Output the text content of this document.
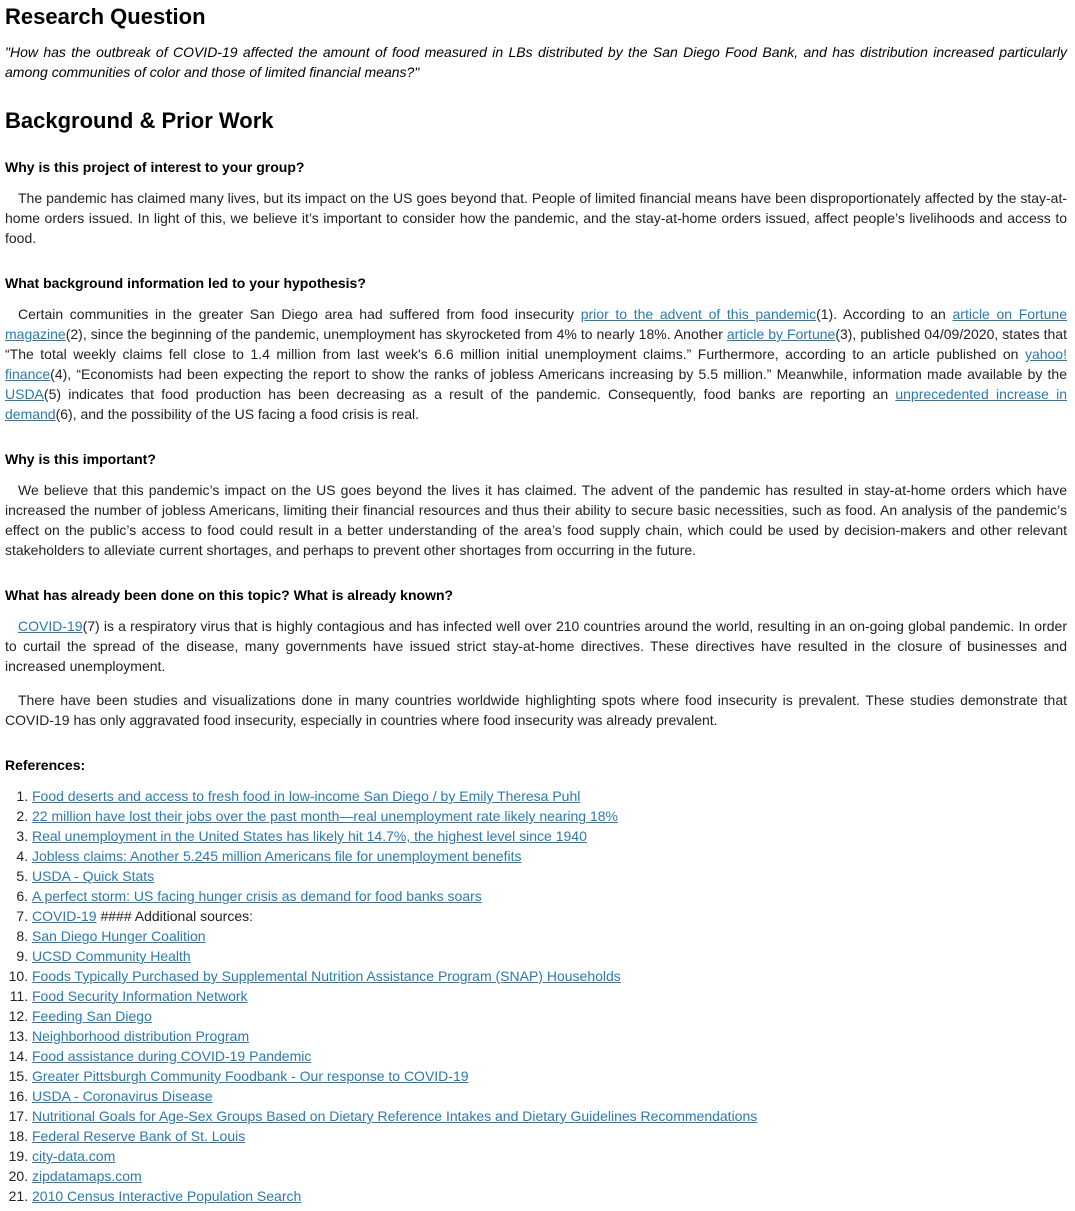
Research Question

"How has the outbreak of COVID-19 affected the amount of food measured in LBs distributed by the San Diego Food Bank, and has distribution increased particularly among communities of color and those of limited financial means?"

Background & Prior Work
Why is this project of interest to your group?

The pandemic has claimed many lives, but its impact on the US goes beyond that. People of limited financial means have been disproportionately affected by the stay-at-home orders issued. In light of this, we believe it’s important to consider how the pandemic, and the stay-at-home orders issued, affect people’s livelihoods and access to food.

What background information led to your hypothesis?

Certain communities in the greater San Diego area had suffered from food insecurity prior to the advent of this pandemic(1). According to an article on Fortune magazine(2), since the beginning of the pandemic, unemployment has skyrocketed from 4% to nearly 18%. Another article by Fortune(3), published 04/09/2020, states that “The total weekly claims fell close to 1.4 million from last week's 6.6 million initial unemployment claims.” Furthermore, according to an article published on yahoo! finance(4), “Economists had been expecting the report to show the ranks of jobless Americans increasing by 5.5 million.” Meanwhile, information made available by the USDA(5) indicates that food production has been decreasing as a result of the pandemic. Consequently, food banks are reporting an unprecedented increase in demand(6), and the possibility of the US facing a food crisis is real.

Why is this important?

We believe that this pandemic’s impact on the US goes beyond the lives it has claimed. The advent of the pandemic has resulted in stay-at-home orders which have increased the number of jobless Americans, limiting their financial resources and thus their ability to secure basic necessities, such as food. An analysis of the pandemic’s effect on the public’s access to food could result in a better understanding of the area’s food supply chain, which could be used by decision-makers and other relevant stakeholders to alleviate current shortages, and perhaps to prevent other shortages from occurring in the future.

What has already been done on this topic? What is already known?

COVID-19(7) is a respiratory virus that is highly contagious and has infected well over 210 countries around the world, resulting in an on-going global pandemic. In order to curtail the spread of the disease, many governments have issued strict stay-at-home directives. These directives have resulted in the closure of businesses and increased unemployment.

There have been studies and visualizations done in many countries worldwide highlighting spots where food insecurity is prevalent. These studies demonstrate that COVID-19 has only aggravated food insecurity, especially in countries where food insecurity was already prevalent.

References:
1. Food deserts and access to fresh food in low-income San Diego / by Emily Theresa Puhl
2. 22 million have lost their jobs over the past month—real unemployment rate likely nearing 18%
3. Real unemployment in the United States has likely hit 14.7%, the highest level since 1940
4. Jobless claims: Another 5.245 million Americans file for unemployment benefits
5. USDA - Quick Stats
6. A perfect storm: US facing hunger crisis as demand for food banks soars
7. COVID-19 #### Additional sources:
8. San Diego Hunger Coalition
9. UCSD Community Health
10. Foods Typically Purchased by Supplemental Nutrition Assistance Program (SNAP) Households
11. Food Security Information Network
12. Feeding San Diego
13. Neighborhood distribution Program
14. Food assistance during COVID-19 Pandemic
15. Greater Pittsburgh Community Foodbank - Our response to COVID-19
16. USDA - Coronavirus Disease
17. Nutritional Goals for Age-Sex Groups Based on Dietary Reference Intakes and Dietary Guidelines Recommendations
18. Federal Reserve Bank of St. Louis
19. city-data.com
20. zipdatamaps.com
21. 2010 Census Interactive Population Search
